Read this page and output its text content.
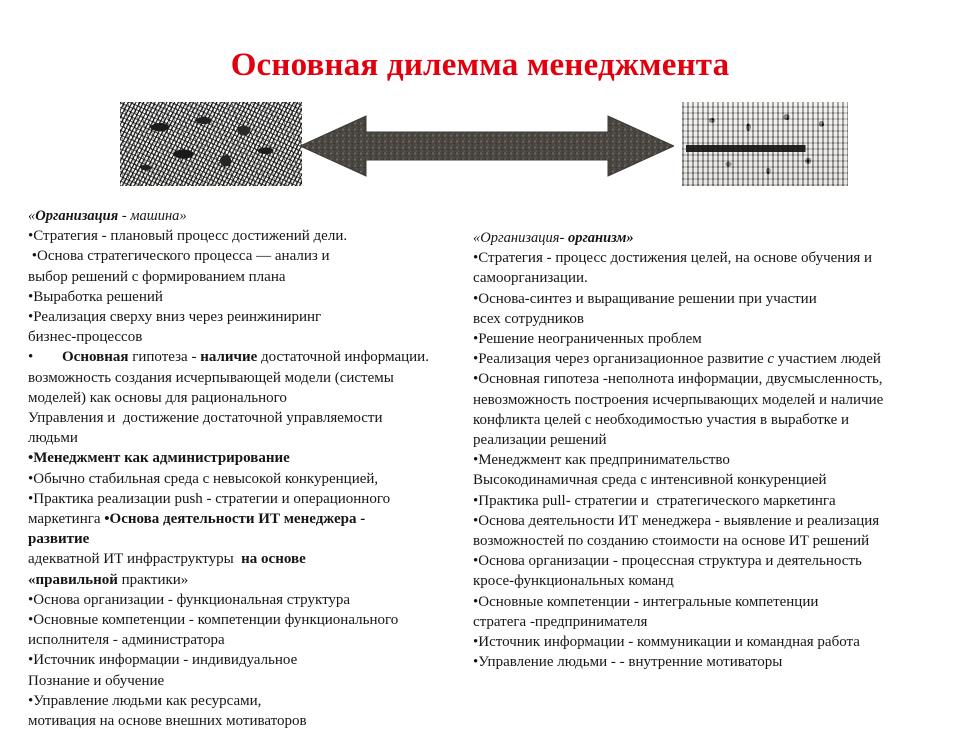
Основная дилемма менеджмента

«Организация - машина»

•Стратегия - плановый процесс достижений дели.

•Основа стратегического процесса — анализ и

выбор решений с формированием плана

•Выработка решений

•Реализация сверху вниз через реинжиниринг

бизнес-процессов

• Основная гипотеза - наличие достаточной информации.

возможность создания исчерпывающей модели (системы

моделей) как основы для рационального

Управления и  достижение достаточной управляемости

людьми

•Менеджмент как администрирование

•Обычно стабильная среда с невысокой конкуренцией,

•Практика реализации push - стратегии и операционного

маркетинга •Основа деятельности ИТ менеджера -

развитие

адекватной ИТ инфраструктуры  на основе

«правильной практики»

•Основа организации - функциональная структура

•Основные компетенции - компетенции функционального

исполнителя - администратора

•Источник информации - индивидуальное

Познание и обучение

•Управление людьми как ресурсами,

мотивация на основе внешних мотиваторов

«Организация- организм»

•Стратегия - процесс достижения целей, на основе обучения и

самоорганизации.

•Основа-синтез и выращивание решении при участии

всех сотрудников

•Решение неограниченных проблем

•Реализация через организационное развитие с участием людей

•Основная гипотеза -неполнота информации, двусмысленность,

невозможность построения исчерпывающих моделей и наличие

конфликта целей с необходимостью участия в выработке и

реализации решений

•Менеджмент как предпринимательство

Высокодинамичная среда с интенсивной конкуренцией

•Практика pull- стратегии и  стратегического маркетинга

•Основа деятельности ИТ менеджера - выявление и реализация

возможностей по созданию стоимости на основе ИТ решений

•Основа организации - процессная структура и деятельность

кросе-функциональных команд

•Основные компетенции - интегральные компетенции

стратега -предпринимателя

•Источник информации - коммуникации и командная работа

•Управление людьми - - внутренние мотиваторы
